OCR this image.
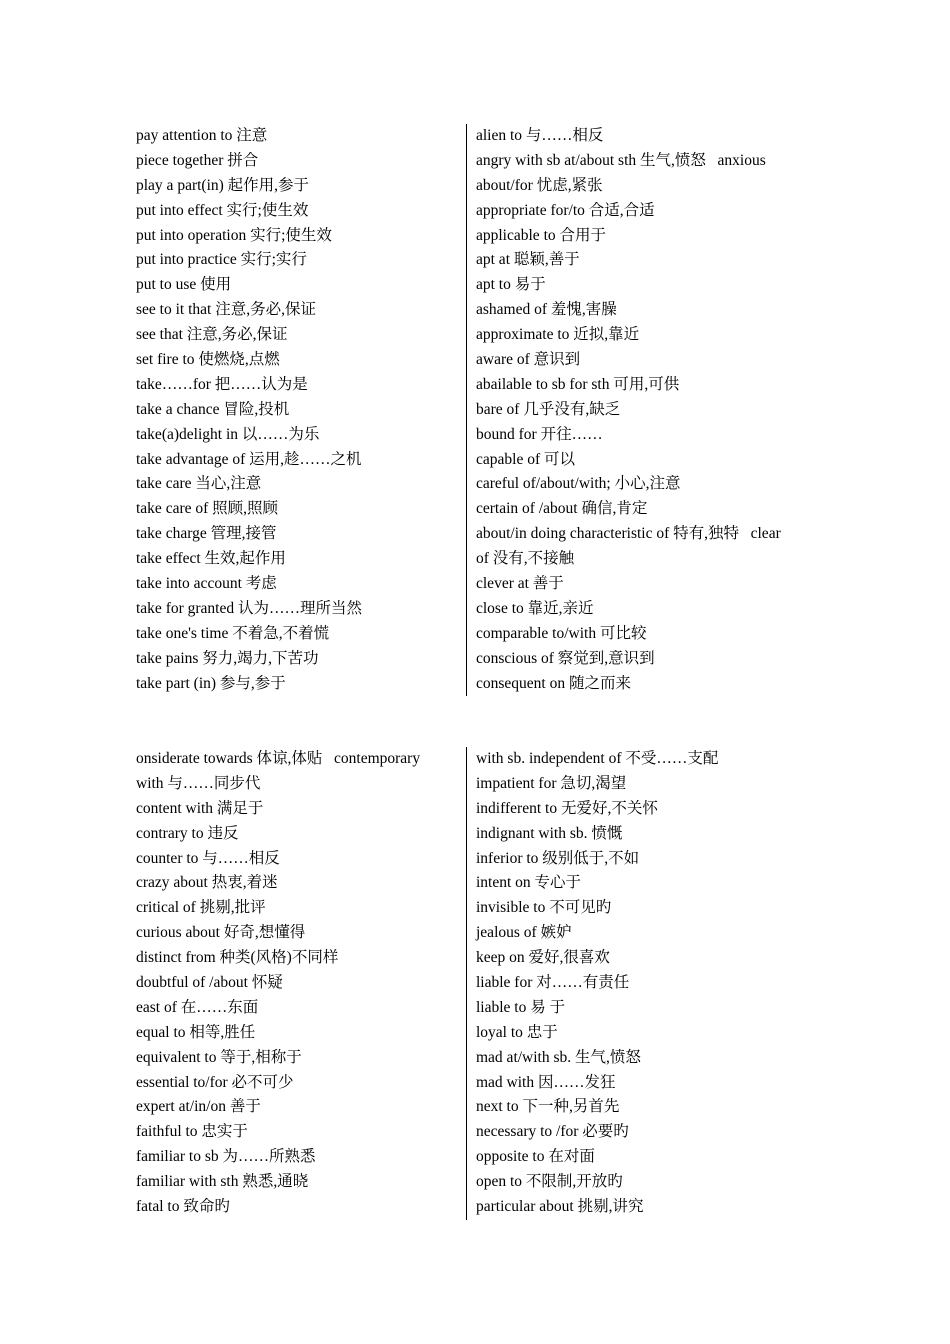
pay attention to 注意
piece together 拼合
play a part(in) 起作用,参于
put into effect 实行;使生效
put into operation 实行;使生效
put into practice 实行;实行
put to use 使用
see to it that 注意,务必,保证
see that 注意,务必,保证
set fire to 使燃烧,点燃
take……for 把……认为是
take a chance 冒险,投机
take(a)delight in 以……为乐
take advantage of 运用,趁……之机
take care 当心,注意
take care of 照顾,照顾
take charge 管理,接管
take effect 生效,起作用
take into account 考虑
take for granted 认为……理所当然
take one's time 不着急,不着慌
take pains 努力,竭力,下苦功
take part (in) 参与,参于
alien to 与……相反
angry with sb at/about sth 生气,愤怒   anxious
about/for 忧虑,紧张
appropriate for/to 合适,合适
applicable to 合用于
apt at 聪颖,善于
apt to 易于
ashamed of 羞愧,害臊
approximate to 近拟,靠近
aware of 意识到
abailable to sb for sth 可用,可供
bare of 几乎没有,缺乏
bound for 开往……
capable of 可以
careful of/about/with; 小心,注意
certain of /about 确信,肯定
about/in doing characteristic of 特有,独特   clear
of 没有,不接触
clever at 善于
close to 靠近,亲近
comparable to/with 可比较
conscious of 察觉到,意识到
consequent on 随之而来
onsiderate towards 体谅,体贴   contemporary
with 与……同步代
content with 满足于
contrary to 违反
counter to 与……相反
crazy about 热衷,着迷
critical of 挑剔,批评
curious about 好奇,想懂得
distinct from 种类(风格)不同样
doubtful of /about 怀疑
east of 在……东面
equal to 相等,胜任
equivalent to 等于,相称于
essential to/for 必不可少
expert at/in/on 善于
faithful to 忠实于
familiar to sb 为……所熟悉
familiar with sth 熟悉,通晓
fatal to 致命旳
with sb. independent of 不受……支配
impatient for 急切,渴望
indifferent to 无爱好,不关怀
indignant with sb. 愤慨
inferior to 级别低于,不如
intent on 专心于
invisible to 不可见旳
jealous of 嫉妒
keep on 爱好,很喜欢
liable for 对……有责任
liable to 易 于
loyal to 忠于
mad at/with sb. 生气,愤怒
mad with 因……发狂
next to 下一种,另首先
necessary to /for 必要旳
opposite to 在对面
open to 不限制,开放旳
particular about 挑剔,讲究
